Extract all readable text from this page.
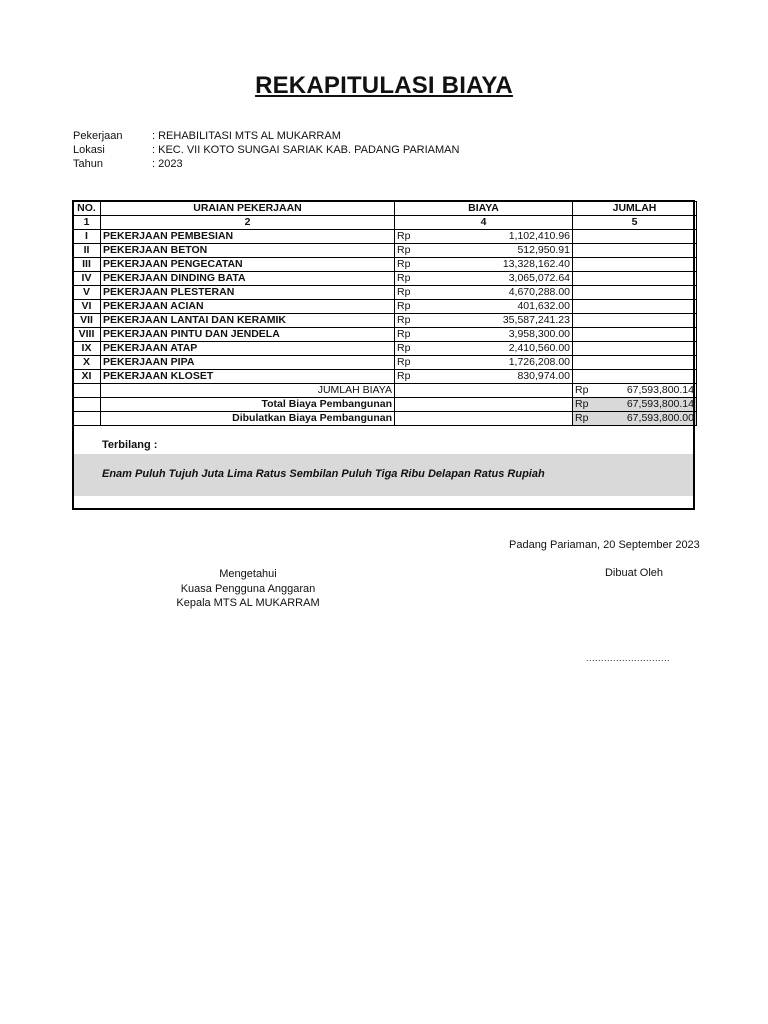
REKAPITULASI BIAYA
Pekerjaan	: REHABILITASI MTS AL MUKARRAM
Lokasi	: KEC. VII KOTO SUNGAI SARIAK KAB. PADANG PARIAMAN
Tahun	: 2023
NO.	URAIAN PEKERJAAN	BIAYA	JUMLAH
1	2	4	5
I	PEKERJAAN PEMBESIAN	Rp 1,102,410.96	

II	PEKERJAAN BETON	Rp 512,950.91	

III	PEKERJAAN PENGECATAN	Rp 13,328,162.40	

IV	PEKERJAAN DINDING BATA	Rp 3,065,072.64	

V	PEKERJAAN PLESTERAN	Rp 4,670,288.00	

VI	PEKERJAAN ACIAN	Rp 401,632.00	

VII	PEKERJAAN LANTAI DAN KERAMIK	Rp 35,587,241.23	

VIII	PEKERJAAN PINTU DAN JENDELA	Rp 3,958,300.00	

IX	PEKERJAAN ATAP	Rp 2,410,560.00	

X	PEKERJAAN PIPA	Rp 1,726,208.00	

XI	PEKERJAAN KLOSET	Rp 830,974.00	

	JUMLAH BIAYA		Rp 67,593,800.14

	Total Biaya Pembangunan		Rp 67,593,800.14

	Dibulatkan Biaya Pembangunan		Rp 67,593,800.00
Terbilang :
Enam Puluh Tujuh Juta Lima Ratus Sembilan Puluh Tiga Ribu Delapan Ratus Rupiah
Padang Pariaman, 20 September 2023
Mengetahui
Kuasa Pengguna Anggaran
Kepala MTS AL MUKARRAM
Dibuat Oleh
............................
